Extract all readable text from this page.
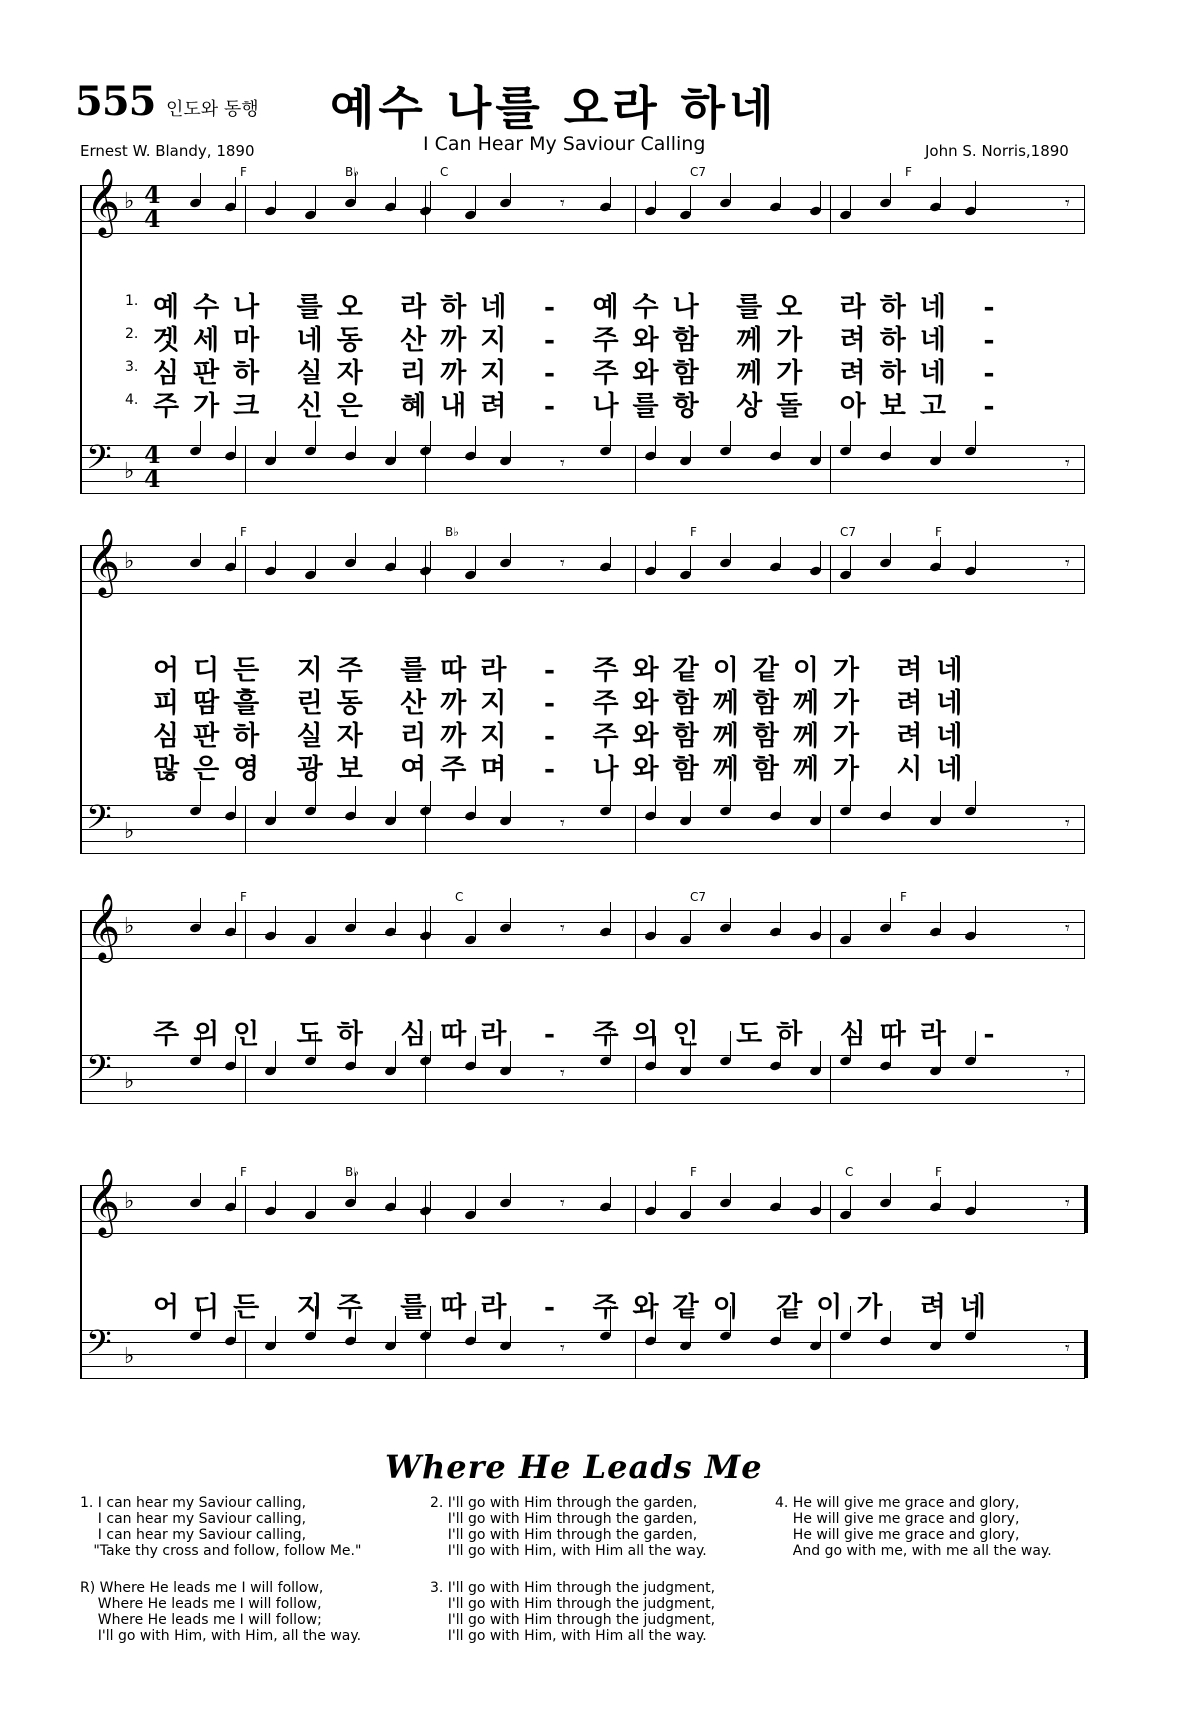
555 인도와 동행 예수 나를 오라 하네
I Can Hear My Saviour Calling
Ernest W. Blandy, 1890	John S. Norris,1890
𝄞 ♭ 4
4
𝄾	𝄾
𝄢 ♭
4
4
𝄾	𝄾
F	B♭	C	C7	F
1. 예수나 를오 라하네 ‐ 예수나 를오 라하네 ‐
2. 겟세마 네동 산까지 ‐ 주와함 께가 려하네 ‐
3. 심판하 실자 리까지 ‐ 주와함 께가 려하네 ‐
4. 주가크 신은 혜내려 ‐ 나를항 상돌 아보고 ‐
𝄞 ♭	𝄾	𝄾
𝄢 ♭	𝄾	𝄾
F	B♭	F	C7	F
어디든 지주 를따라 ‐ 주와같이같이가 려네
피땀흘 린동 산까지 ‐ 주와함께함께가 려네
심판하 실자 리까지 ‐ 주와함께함께가 려네
많은영 광보 여주며 ‐ 나와함께함께가 시네
𝄞 ♭	𝄾	𝄾
𝄢 ♭	𝄾	𝄾
F	C	C7	F
주의인 도하 심따라 ‐ 주의인 도하 심따라 ‐
𝄞 ♭	𝄾	𝄾
𝄢 ♭	𝄾	𝄾
F	B♭	F	C	F
어디든 지주 를따라 ‐ 주와같이 같이가 려네
Where He Leads Me
1. I can hear my Saviour calling,
I can hear my Saviour calling,
I can hear my Saviour calling,
"Take thy cross and follow, follow Me."
R) Where He leads me I will follow,
Where He leads me I will follow,
Where He leads me I will follow;
I'll go with Him, with Him, all the way.
2. I'll go with Him through the garden,
I'll go with Him through the garden,
I'll go with Him through the garden,
I'll go with Him, with Him all the way.
3. I'll go with Him through the judgment,
I'll go with Him through the judgment,
I'll go with Him through the judgment,
I'll go with Him, with Him all the way.
4. He will give me grace and glory,
He will give me grace and glory,
He will give me grace and glory,
And go with me, with me all the way.
